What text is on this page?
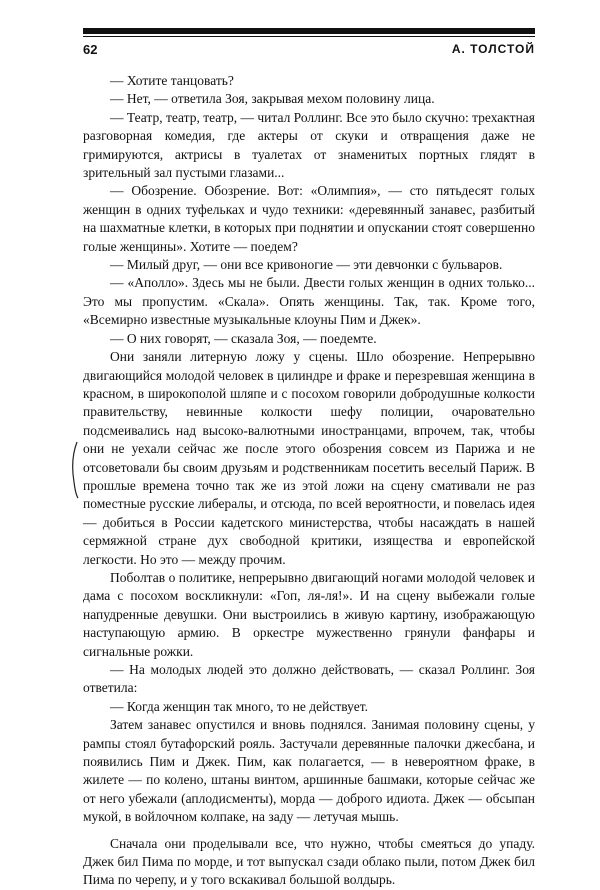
62	А. ТОЛСТОЙ

— Хотите танцовать?

— Нет, — ответила Зоя, закрывая мехом половину лица.

— Театр, театр, театр, — читал Роллинг. Все это было скучно: трехактная разговорная комедия, где актеры от скуки и отвращения даже не гримируются, актрисы в туалетах от знаменитых портных глядят в зрительный зал пустыми глазами...

— Обозрение. Обозрение. Вот: «Олимпия», — сто пятьдесят голых женщин в одних туфельках и чудо техники: «деревянный занавес, разбитый на шахматные клетки, в которых при поднятии и опускании стоят совершенно голые женщины». Хотите — поедем?

— Милый друг, — они все кривоногие — эти девчонки с бульваров.

— «Аполло». Здесь мы не были. Двести голых женщин в одних только... Это мы пропустим. «Скала». Опять женщины. Так, так. Кроме того, «Всемирно известные музыкальные клоуны Пим и Джек».

— О них говорят, — сказала Зоя, — поедемте.

Они заняли литерную ложу у сцены. Шло обозрение. Непрерывно двигающийся молодой человек в цилиндре и фраке и перезревшая женщина в красном, в широкополой шляпе и с посохом говорили добродушные колкости правительству, невинные колкости шефу полиции, очаровательно подсмеивались над высоко-валютными иностранцами, впрочем, так, чтобы они не уехали сейчас же после этого обозрения совсем из Парижа и не отсоветовали бы своим друзьям и родственникам посетить веселый Париж. В прошлые времена точно так же из этой ложи на сцену смативали не раз поместные русские либералы, и отсюда, по всей вероятности, и повелась идея — добиться в России кадетского министерства, чтобы насаждать в нашей сермяжной стране дух свободной критики, изящества и европейской легкости. Но это — между прочим.

Поболтав о политике, непрерывно двигающий ногами молодой человек и дама с посохом воскликнули: «Гоп, ля-ля!». И на сцену выбежали голые напудренные девушки. Они выстроились в живую картину, изображающую наступающую армию. В оркестре мужественно грянули фанфары и сигнальные рожки.

— На молодых людей это должно действовать, — сказал Роллинг. Зоя ответила:

— Когда женщин так много, то не действует.

Затем занавес опустился и вновь поднялся. Занимая половину сцены, у рампы стоял бутафорский рояль. Застучали деревянные палочки джесбана, и появились Пим и Джек. Пим, как полагается, — в невероятном фраке, в жилете — по колено, штаны винтом, аршинные башмаки, которые сейчас же от него убежали (аплодисменты), морда — доброго идиота. Джек — обсыпан мукой, в войлочном колпаке, на заду — летучая мышь.

Сначала они проделывали все, что нужно, чтобы смеяться до упаду. Джек бил Пима по морде, и тот выпускал сзади облако пыли, потом Джек бил Пима по черепу, и у того вскакивал большой волдырь.
